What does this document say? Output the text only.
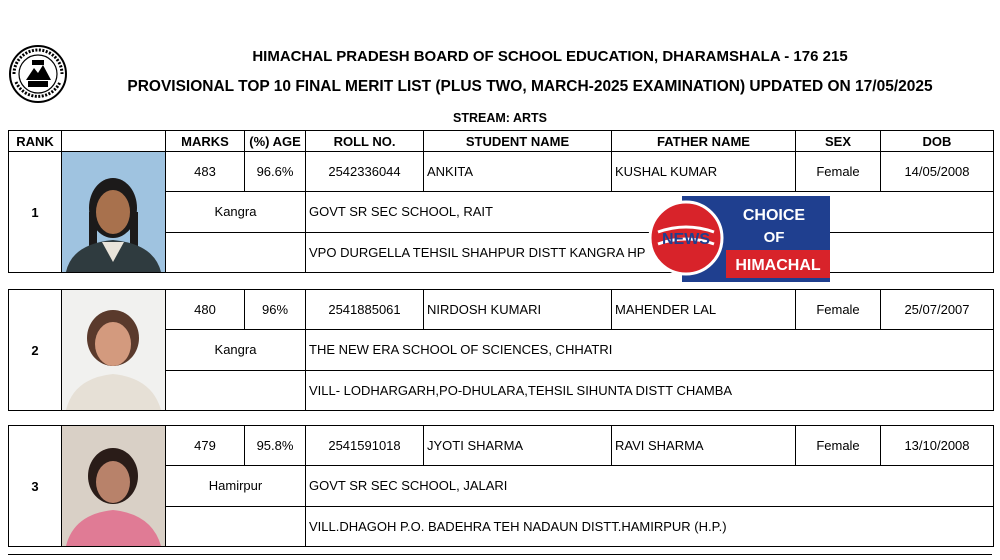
HIMACHAL PRADESH BOARD OF SCHOOL EDUCATION, DHARAMSHALA - 176 215
PROVISIONAL TOP 10 FINAL MERIT LIST (PLUS TWO, MARCH-2025 EXAMINATION) UPDATED ON 17/05/2025
STREAM: ARTS
RANK		MARKS	(%) AGE	ROLL NO.	STUDENT NAME	FATHER NAME	SEX	DOB
1		483	96.6%	2542336044	ANKITA	KUSHAL KUMAR	Female	14/05/2008
		Kangra		GOVT SR SEC SCHOOL, RAIT				
				VPO DURGELLA TEHSIL SHAHPUR DISTT KANGRA HP				
2		480	96%	2541885061	NIRDOSH KUMARI	MAHENDER LAL	Female	25/07/2007
		Kangra		THE NEW ERA SCHOOL OF SCIENCES, CHHATRI				
				VILL- LODHARGARH,PO-DHULARA,TEHSIL SIHUNTA DISTT CHAMBA				
3		479	95.8%	2541591018	JYOTI SHARMA	RAVI SHARMA	Female	13/10/2008
		Hamirpur		GOVT SR SEC SCHOOL, JALARI				
				VILL.DHAGOH P.O. BADEHRA TEH NADAUN DISTT.HAMIRPUR (H.P.)				
NEWS
CHOICE
OF
HIMACHAL
